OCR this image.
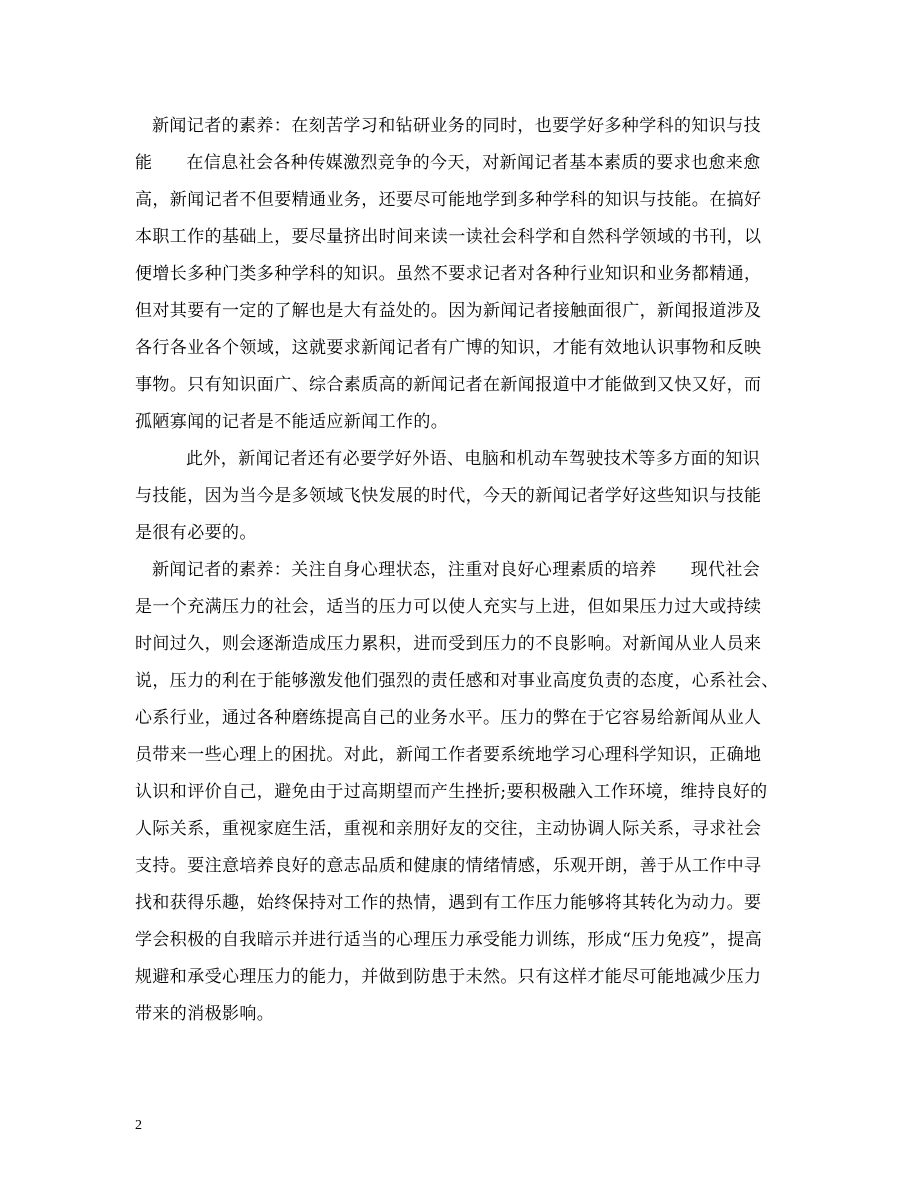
新闻记者的素养：在刻苦学习和钻研业务的同时，也要学好多种学科的知识与技
能 在信息社会各种传媒激烈竞争的今天，对新闻记者基本素质的要求也愈来愈
高，新闻记者不但要精通业务，还要尽可能地学到多种学科的知识与技能。在搞好
本职工作的基础上，要尽量挤出时间来读一读社会科学和自然科学领域的书刊，以
便增长多种门类多种学科的知识。虽然不要求记者对各种行业知识和业务都精通，
但对其要有一定的了解也是大有益处的。因为新闻记者接触面很广，新闻报道涉及
各行各业各个领域，这就要求新闻记者有广博的知识，才能有效地认识事物和反映
事物。只有知识面广、综合素质高的新闻记者在新闻报道中才能做到又快又好，而
孤陋寡闻的记者是不能适应新闻工作的。
此外，新闻记者还有必要学好外语、电脑和机动车驾驶技术等多方面的知识
与技能，因为当今是多领域飞快发展的时代，今天的新闻记者学好这些知识与技能
是很有必要的。
新闻记者的素养：关注自身心理状态，注重对良好心理素质的培养 现代社会
是一个充满压力的社会，适当的压力可以使人充实与上进，但如果压力过大或持续
时间过久，则会逐渐造成压力累积，进而受到压力的不良影响。对新闻从业人员来
说，压力的利在于能够激发他们强烈的责任感和对事业高度负责的态度，心系社会、
心系行业，通过各种磨练提高自己的业务水平。压力的弊在于它容易给新闻从业人
员带来一些心理上的困扰。对此，新闻工作者要系统地学习心理科学知识，正确地
认识和评价自己，避免由于过高期望而产生挫折;要积极融入工作环境，维持良好的
人际关系，重视家庭生活，重视和亲朋好友的交往，主动协调人际关系，寻求社会
支持。要注意培养良好的意志品质和健康的情绪情感，乐观开朗，善于从工作中寻
找和获得乐趣，始终保持对工作的热情，遇到有工作压力能够将其转化为动力。要
学会积极的自我暗示并进行适当的心理压力承受能力训练，形成“压力免疫”，提高
规避和承受心理压力的能力，并做到防患于未然。只有这样才能尽可能地减少压力
带来的消极影响。
2
